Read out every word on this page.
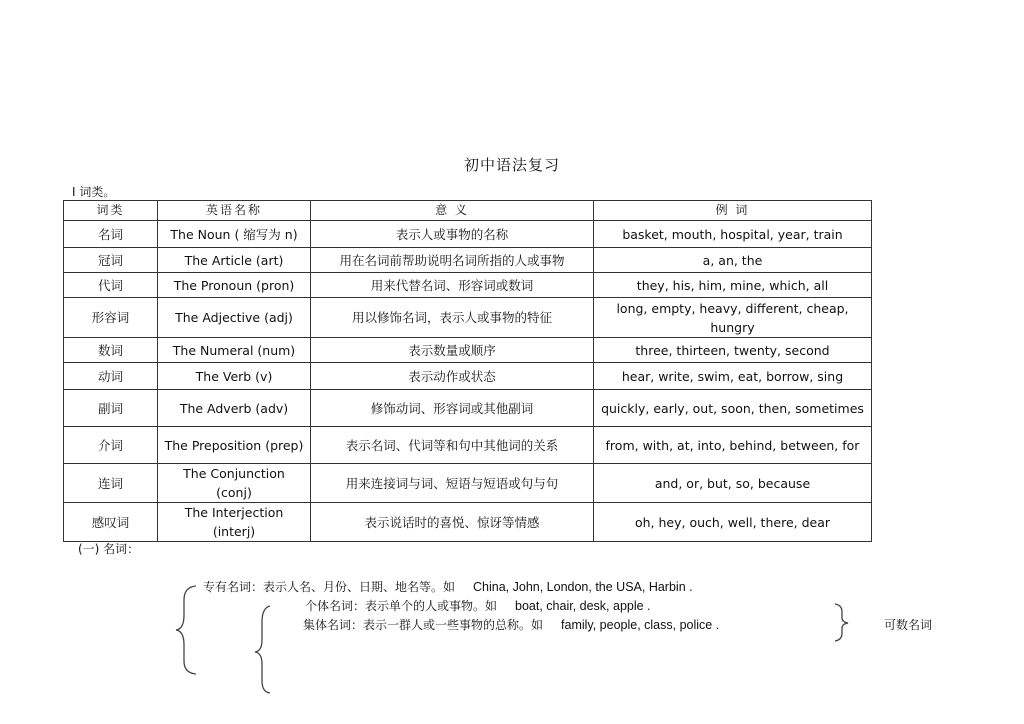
初中语法复习
I 词类。
词类	英语名称	意 义	例 词
名词	The Noun ( 缩写为 n)	表示人或事物的名称	basket, mouth, hospital, year, train
冠词	The Article (art)	用在名词前帮助说明名词所指的人或事物	a, an, the
代词	The Pronoun (pron)	用来代替名词、形容词或数词	they, his, him, mine, which, all
形容词	The Adjective (adj)	用以修饰名词，表示人或事物的特征	long, empty, heavy, different, cheap, hungry
数词	The Numeral (num)	表示数量或顺序	three, thirteen, twenty, second
动词	The Verb (v)	表示动作或状态	hear, write, swim, eat, borrow, sing
副词	The Adverb (adv)	修饰动词、形容词或其他副词	quickly, early, out, soon, then, sometimes
介词	The Preposition (prep)	表示名词、代词等和句中其他词的关系	from, with, at, into, behind, between, for
连词	The Conjunction (conj)	用来连接词与词、短语与短语或句与句	and, or, but, so, because
感叹词	The Interjection (interj)	表示说话时的喜悦、惊讶等情感	oh, hey, ouch, well, there, dear
(一) 名词：
专有名词：表示人名、月份、日期、地名等。如 China, John, London, the USA, Harbin .
个体名词：表示单个的人或事物。如 boat, chair, desk, apple .
集体名词：表示一群人或一些事物的总称。如 family, people, class, police .	可数名词
